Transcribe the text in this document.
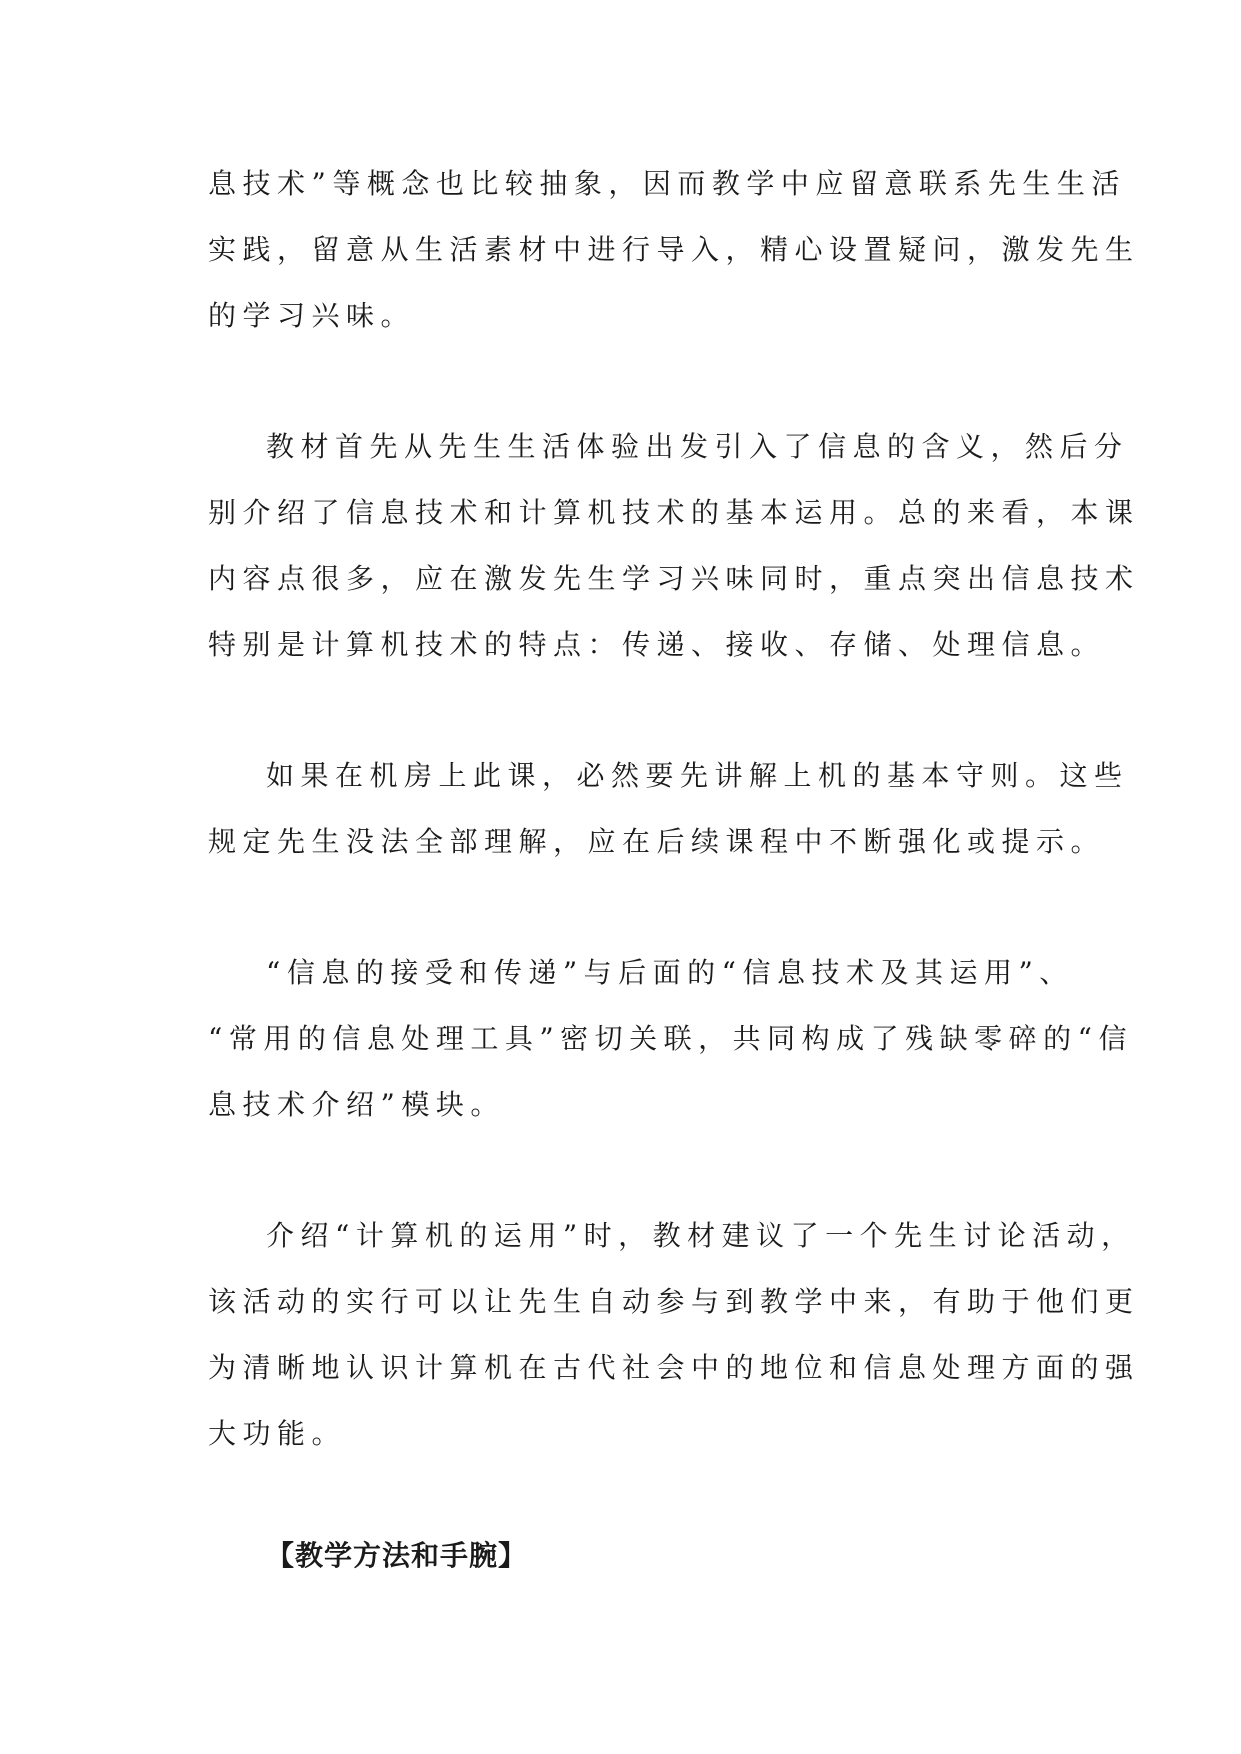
息技术”等概念也比较抽象，因而教学中应留意联系先生生活
实践，留意从生活素材中进行导入，精心设置疑问，激发先生
的学习兴味。
教材首先从先生生活体验出发引入了信息的含义，然后分
别介绍了信息技术和计算机技术的基本运用。总的来看，本课
内容点很多，应在激发先生学习兴味同时，重点突出信息技术
特别是计算机技术的特点：传递、接收、存储、处理信息。
如果在机房上此课，必然要先讲解上机的基本守则。这些
规定先生没法全部理解，应在后续课程中不断强化或提示。
“信息的接受和传递”与后面的“信息技术及其运用”、
“常用的信息处理工具”密切关联，共同构成了残缺零碎的“信
息技术介绍”模块。
介绍“计算机的运用”时，教材建议了一个先生讨论活动，
该活动的实行可以让先生自动参与到教学中来，有助于他们更
为清晰地认识计算机在古代社会中的地位和信息处理方面的强
大功能。
【教学方法和手腕】
